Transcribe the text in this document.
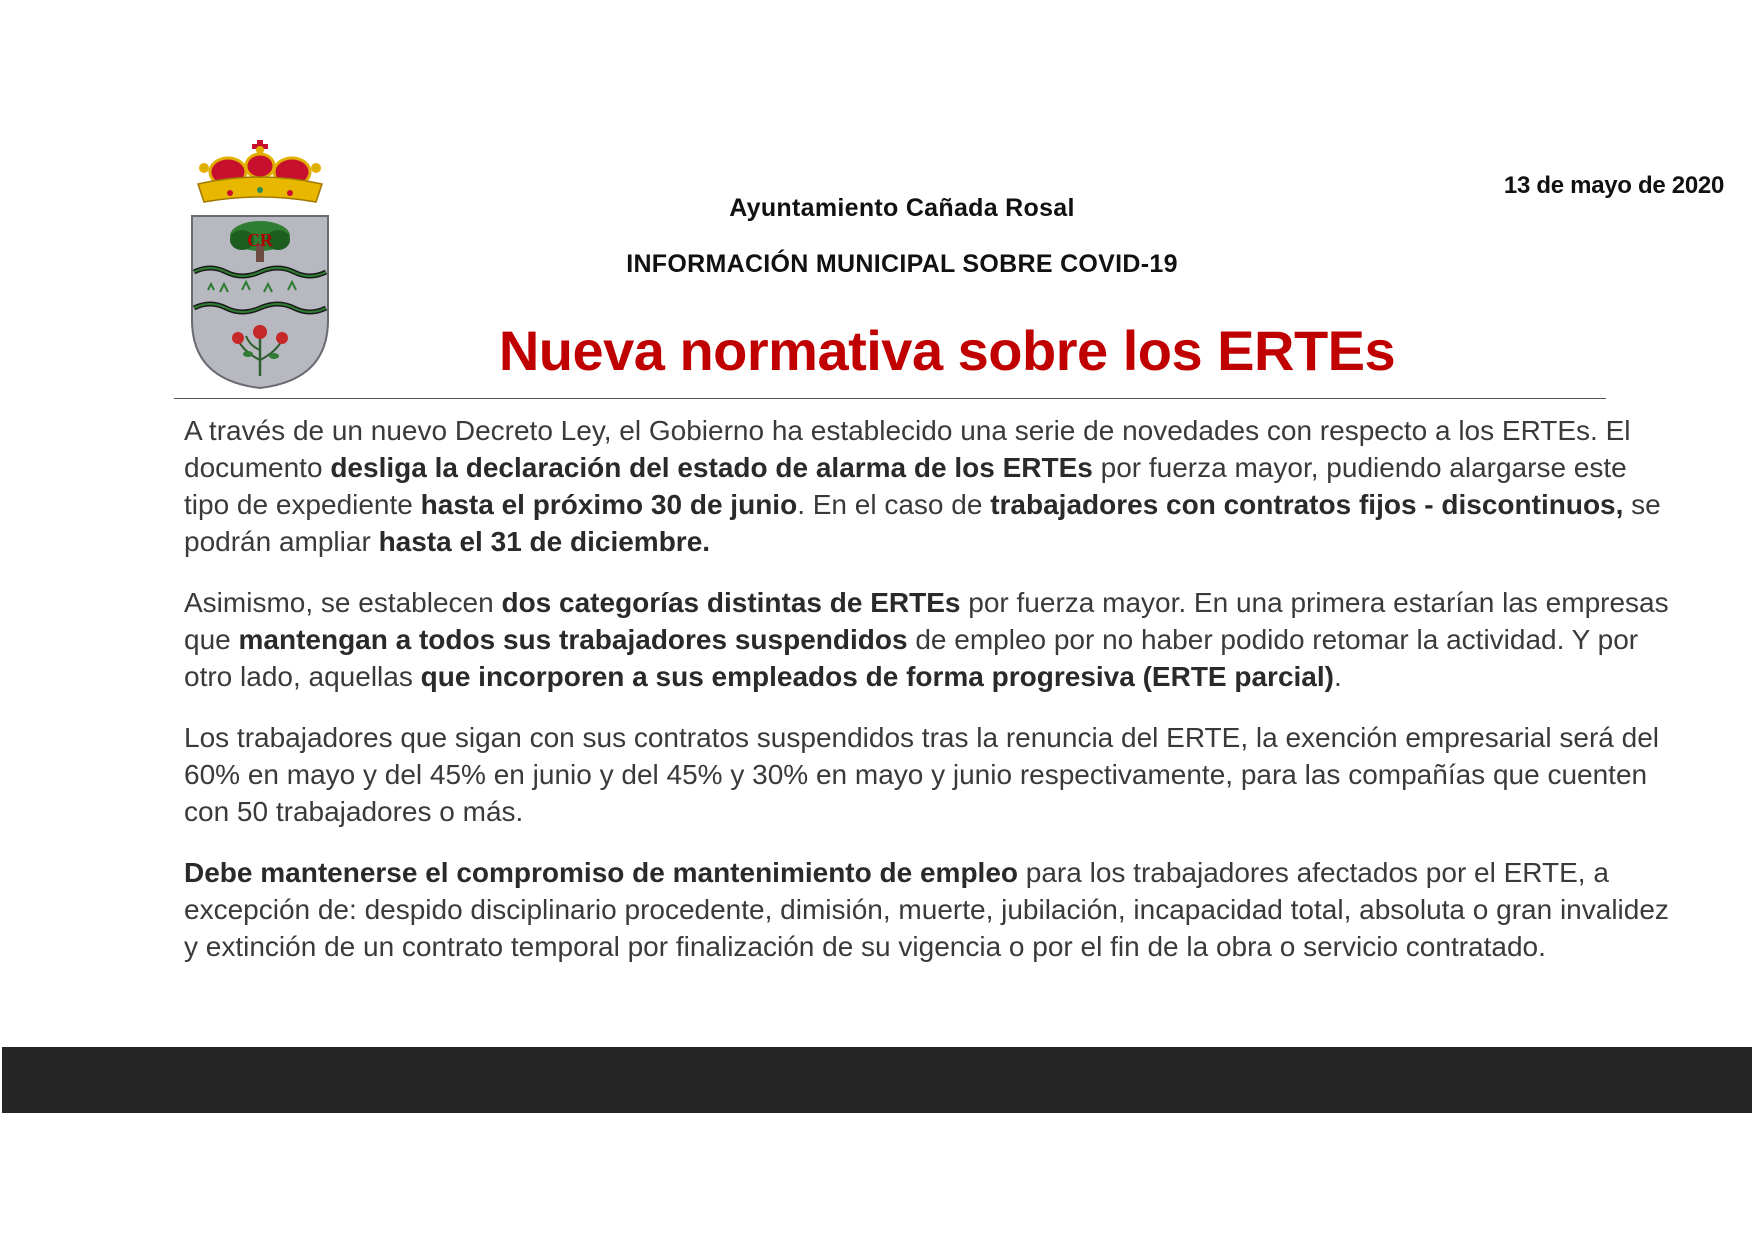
CR
13 de mayo de 2020
Ayuntamiento Cañada Rosal
INFORMACIÓN MUNICIPAL SOBRE COVID-19
Nueva normativa sobre los ERTEs

A través de un nuevo Decreto Ley, el Gobierno ha establecido una serie de novedades con respecto a los ERTEs. El documento desliga la declaración del estado de alarma de los ERTEs por fuerza mayor, pudiendo alargarse este tipo de expediente hasta el próximo 30 de junio. En el caso de trabajadores con contratos fijos - discontinuos, se podrán ampliar hasta el 31 de diciembre.

Asimismo, se establecen dos categorías distintas de ERTEs por fuerza mayor. En una primera estarían las empresas que mantengan a todos sus trabajadores suspendidos de empleo por no haber podido retomar la actividad. Y por otro lado, aquellas que incorporen a sus empleados de forma progresiva (ERTE parcial).

Los trabajadores que sigan con sus contratos suspendidos tras la renuncia del ERTE, la exención empresarial será del 60% en mayo y del 45% en junio y del 45% y 30% en mayo y junio respectivamente, para las compañías que cuenten con 50 trabajadores o más.

Debe mantenerse el compromiso de mantenimiento de empleo para los trabajadores afectados por el ERTE, a excepción de: despido disciplinario procedente, dimisión, muerte, jubilación, incapacidad total, absoluta o gran invalidez y extinción de un contrato temporal por finalización de su vigencia o por el fin de la obra o servicio contratado.
